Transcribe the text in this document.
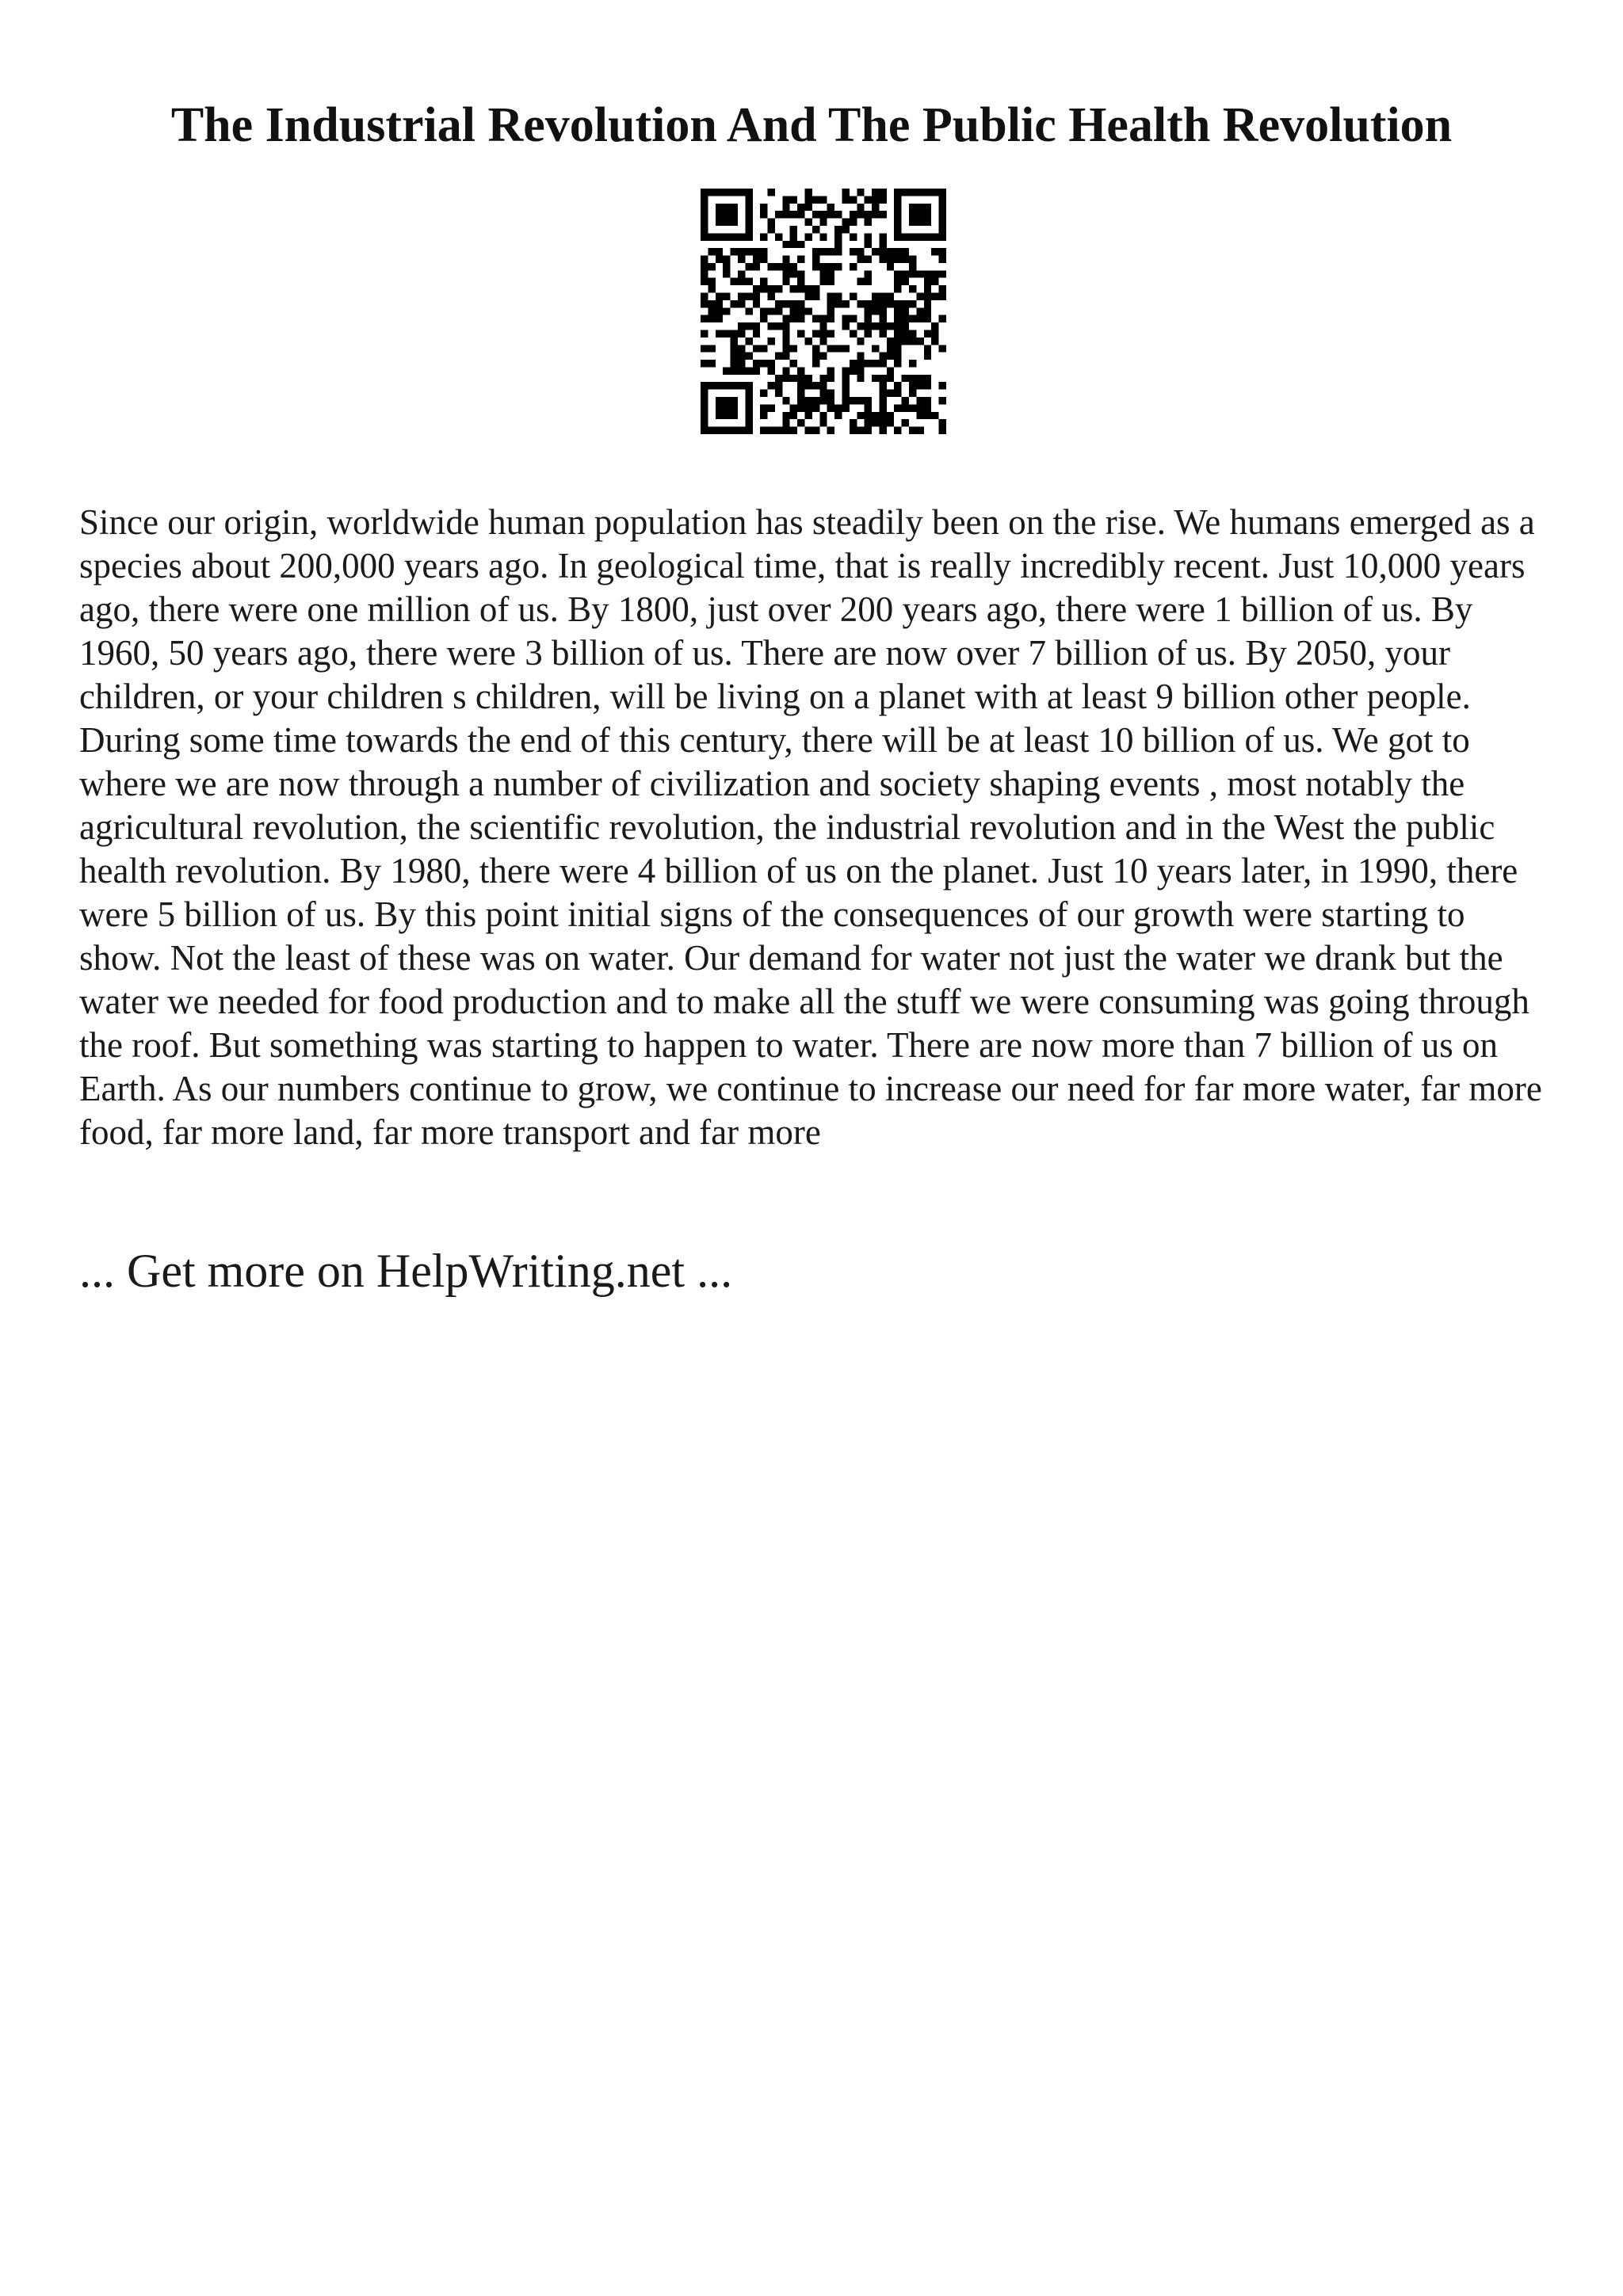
The Industrial Revolution And The Public Health Revolution

Since our origin, worldwide human population has steadily been on the rise. We humans emerged as a species about 200,000 years ago. In geological time, that is really incredibly recent. Just 10,000 years ago, there were one million of us. By 1800, just over 200 years ago, there were 1 billion of us. By 1960, 50 years ago, there were 3 billion of us. There are now over 7 billion of us. By 2050, your children, or your children s children, will be living on a planet with at least 9 billion other people. During some time towards the end of this century, there will be at least 10 billion of us. We got to where we are now through a number of civilization and society shaping events , most notably the agricultural revolution, the scientific revolution, the industrial revolution and in the West the public health revolution. By 1980, there were 4 billion of us on the planet. Just 10 years later, in 1990, there were 5 billion of us. By this point initial signs of the consequences of our growth were starting to show. Not the least of these was on water. Our demand for water not just the water we drank but the water we needed for food production and to make all the stuff we were consuming was going through the roof. But something was starting to happen to water. There are now more than 7 billion of us on Earth. As our numbers continue to grow, we continue to increase our need for far more water, far more food, far more land, far more transport and far more

... Get more on HelpWriting.net ...
